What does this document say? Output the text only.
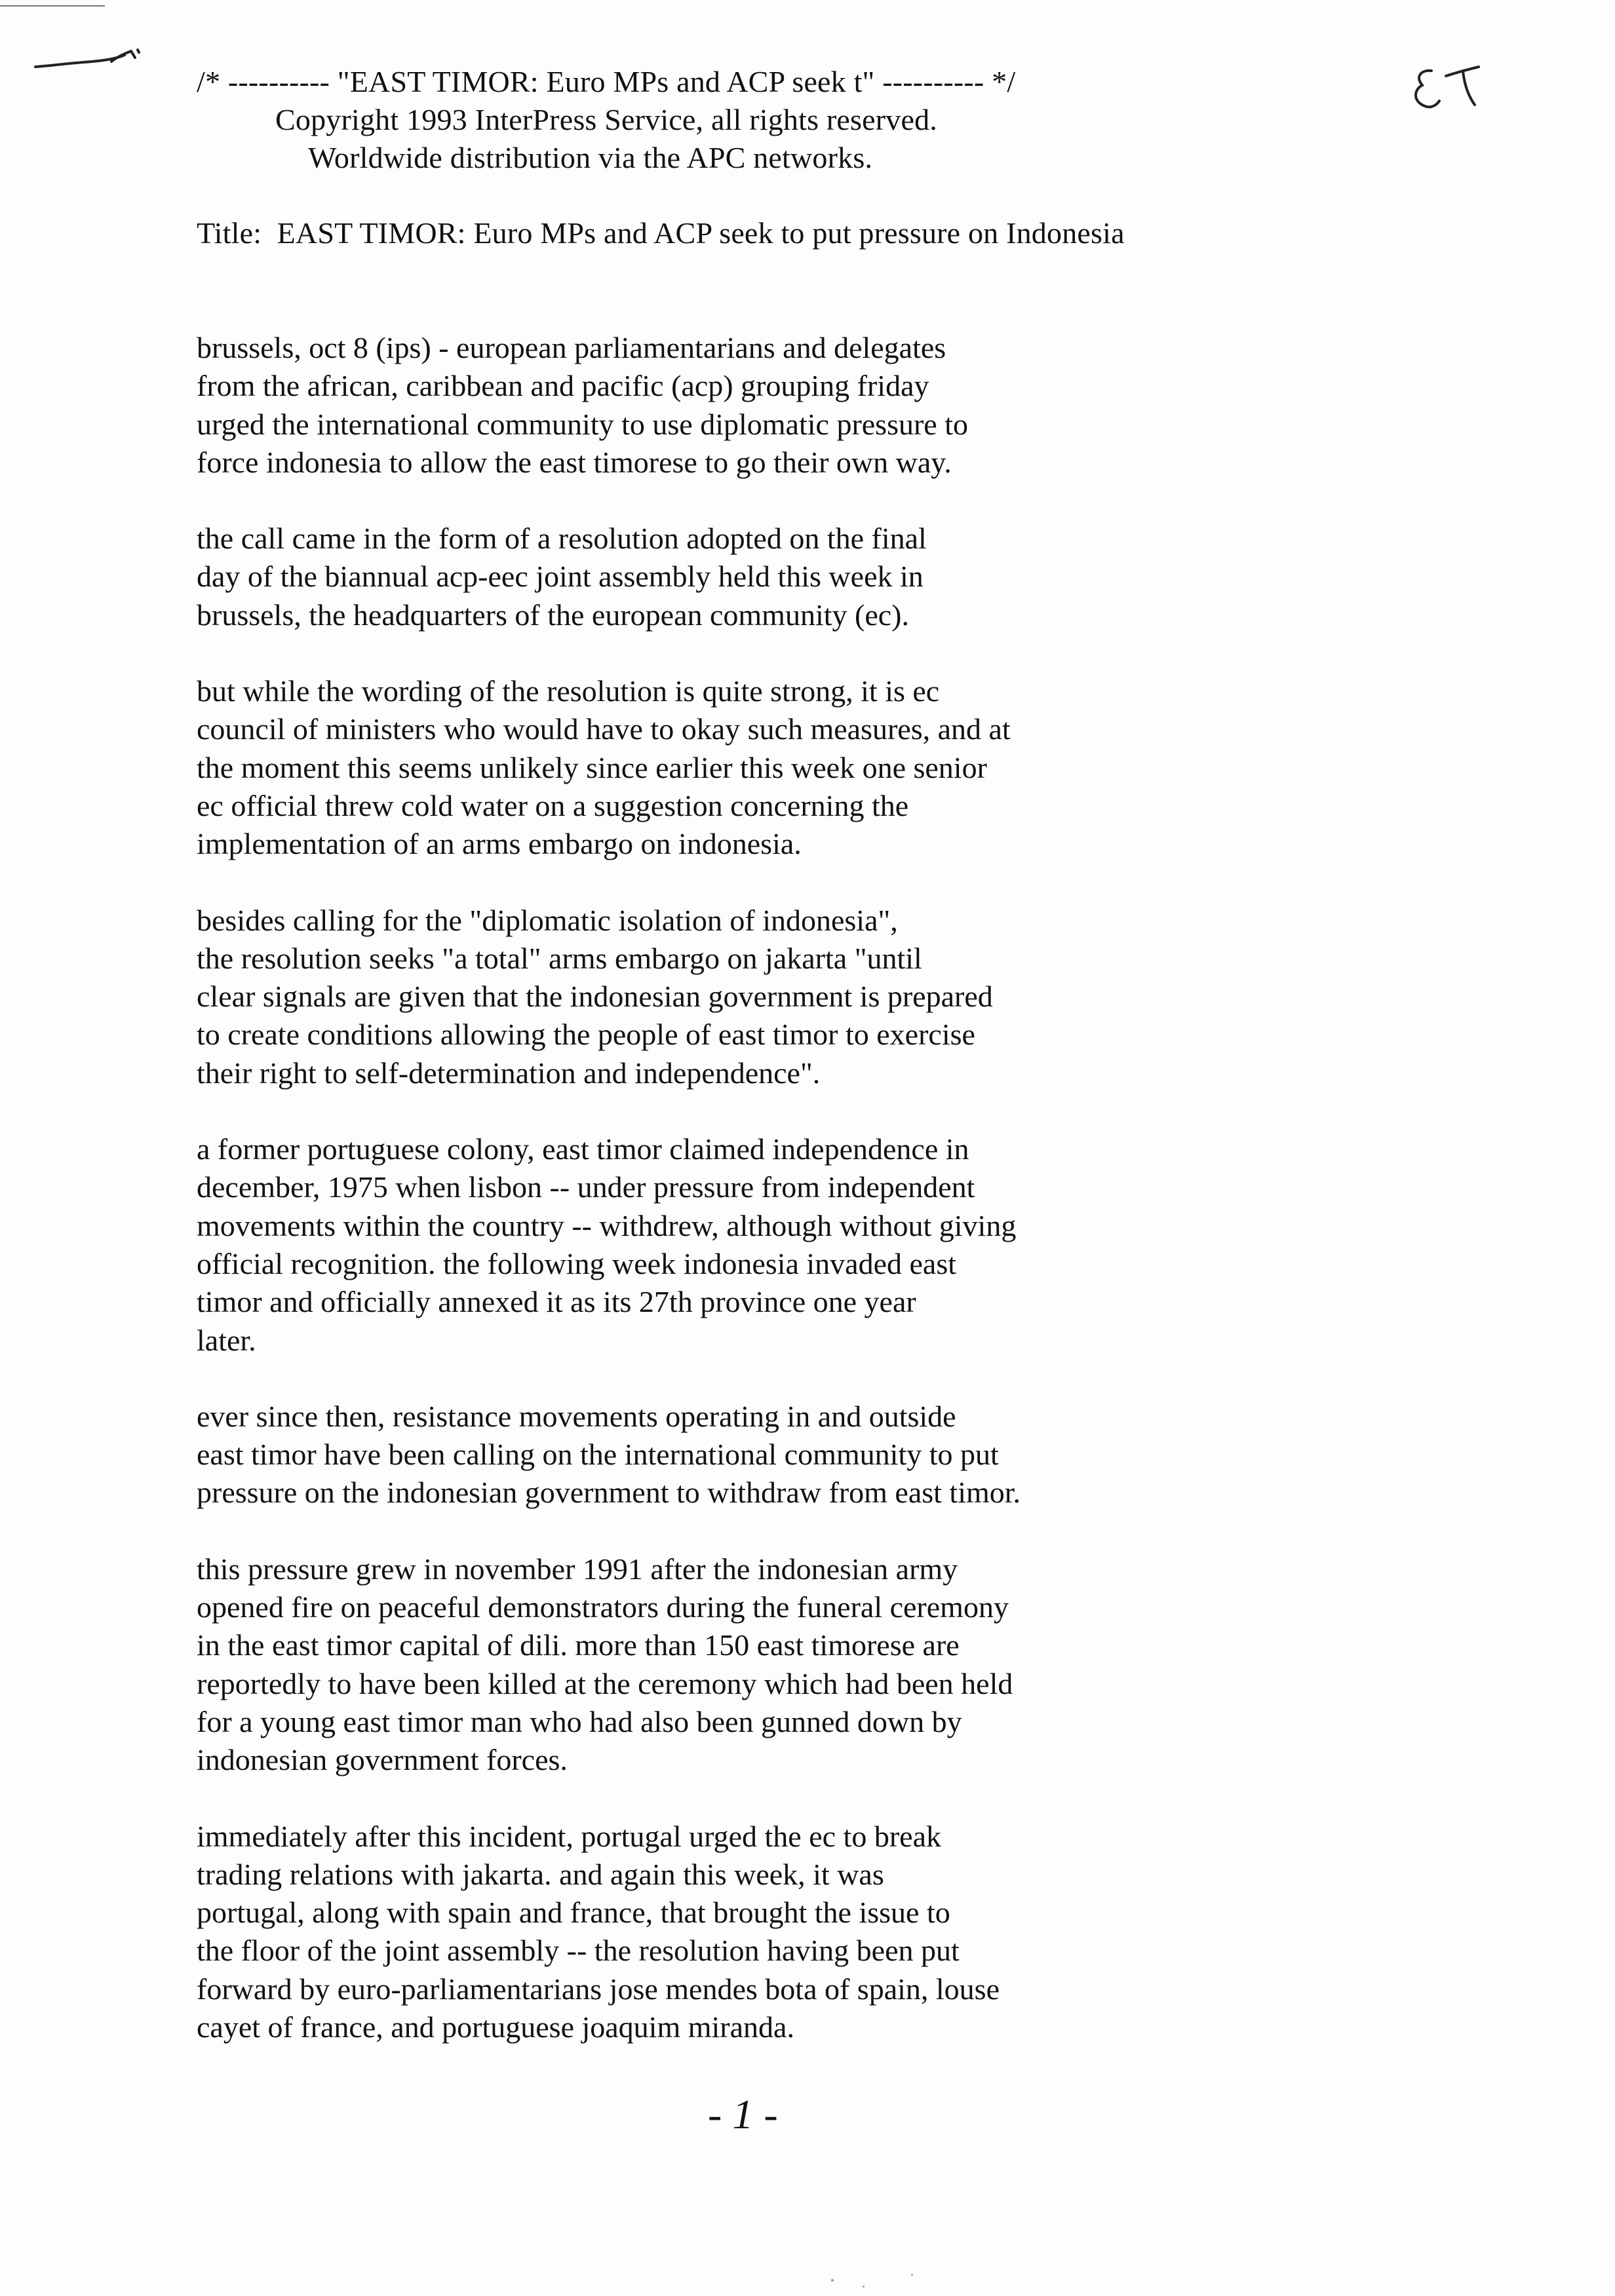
/* ---------- "EAST TIMOR: Euro MPs and ACP seek t" ---------- */
Copyright 1993 InterPress Service, all rights reserved.
Worldwide distribution via the APC networks.
Title:  EAST TIMOR: Euro MPs and ACP seek to put pressure on Indonesia

brussels, oct 8 (ips) - european parliamentarians and delegates
from the african, caribbean and pacific (acp) grouping friday
urged the international community to use diplomatic pressure to
force indonesia to allow the east timorese to go their own way.

the call came in the form of a resolution adopted on the final
day of the biannual acp-eec joint assembly held this week in
brussels, the headquarters of the european community (ec).

but while the wording of the resolution is quite strong, it is ec
council of ministers who would have to okay such measures, and at
the moment this seems unlikely since earlier this week one senior
ec official threw cold water on a suggestion concerning the
implementation of an arms embargo on indonesia.

besides calling for the "diplomatic isolation of indonesia",
the resolution seeks "a total" arms embargo on jakarta "until
clear signals are given that the indonesian government is prepared
to create conditions allowing the people of east timor to exercise
their right to self-determination and independence".

a former portuguese colony, east timor claimed independence in
december, 1975 when lisbon -- under pressure from independent
movements within the country -- withdrew, although without giving
official recognition. the following week indonesia invaded east
timor and officially annexed it as its 27th province one year
later.

ever since then, resistance movements operating in and outside
east timor have been calling on the international community to put
pressure on the indonesian government to withdraw from east timor.

this pressure grew in november 1991 after the indonesian army
opened fire on peaceful demonstrators during the funeral ceremony
in the east timor capital of dili. more than 150 east timorese are
reportedly to have been killed at the ceremony which had been held
for a young east timor man who had also been gunned down by
indonesian government forces.

immediately after this incident, portugal urged the ec to break
trading relations with jakarta. and again this week, it was
portugal, along with spain and france, that brought the issue to
the floor of the joint assembly -- the resolution having been put
forward by euro-parliamentarians jose mendes bota of spain, louse
cayet of france, and portuguese joaquim miranda.

- 1 -
